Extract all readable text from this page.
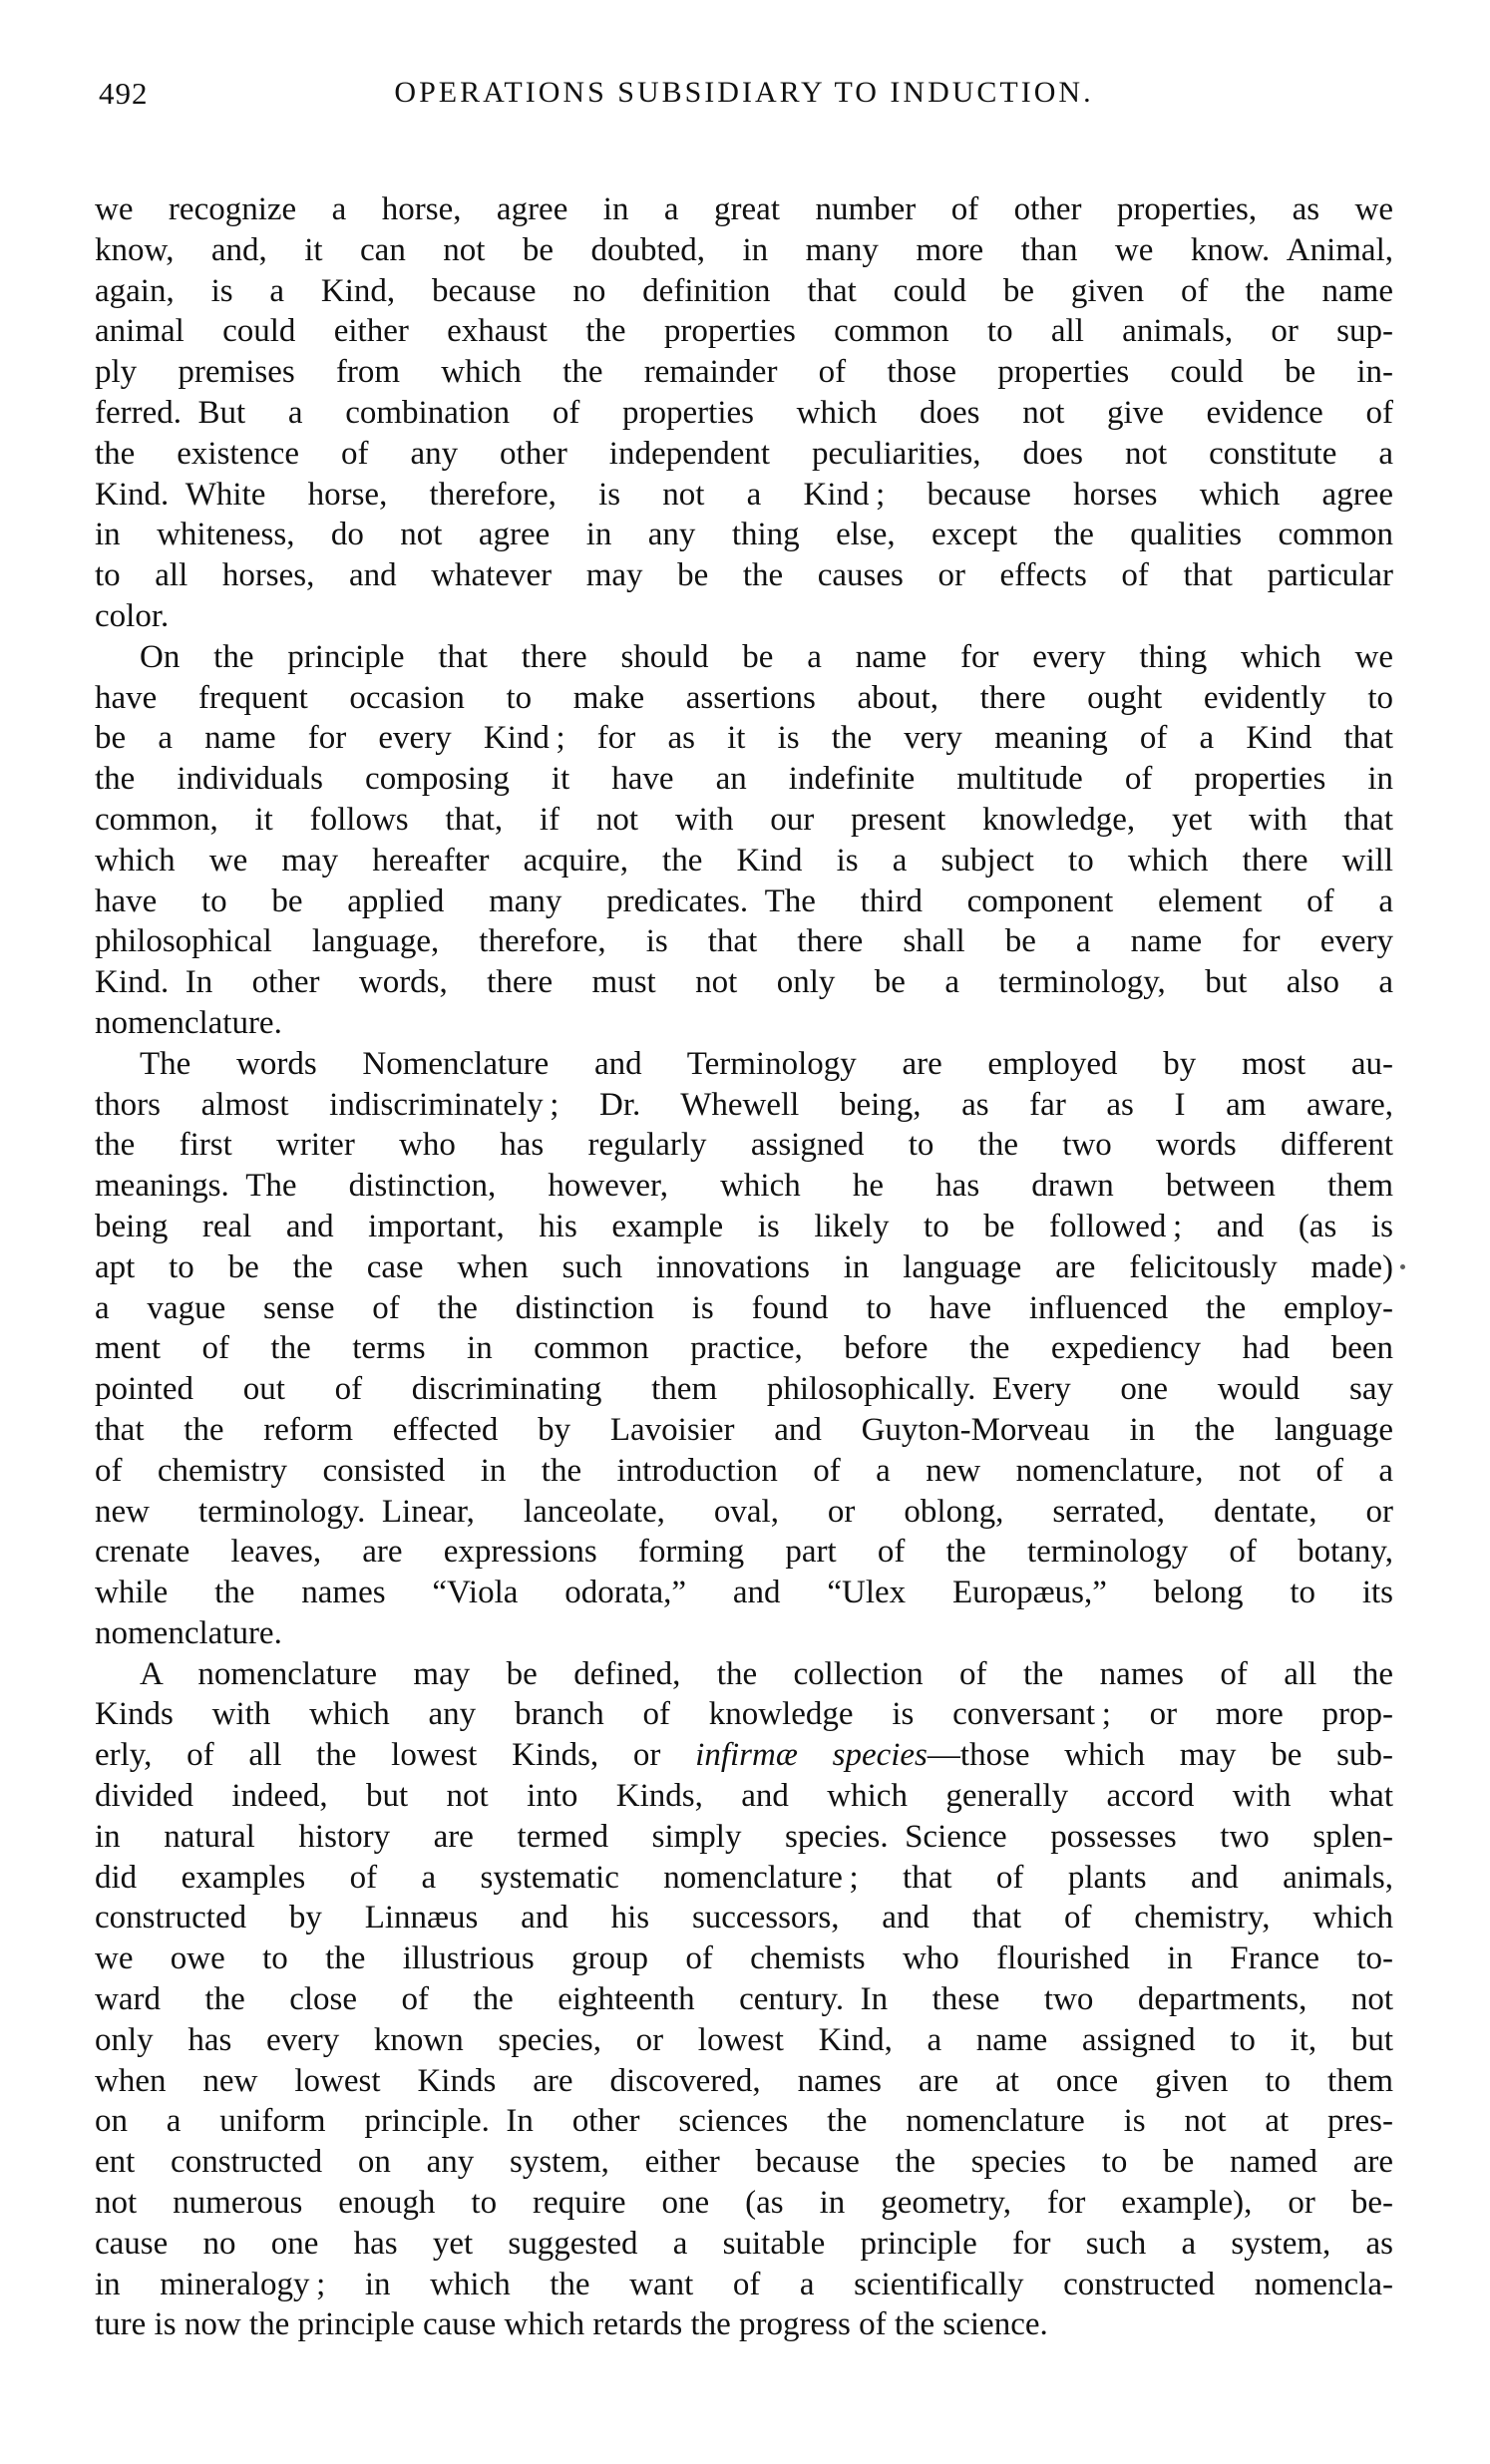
492	OPERATIONS SUBSIDIARY TO INDUCTION.
we recognize a horse, agree in a great number of other properties, as we
know, and, it can not be doubted, in many more than we know. Animal,
again, is a Kind, because no definition that could be given of the name
animal could either exhaust the properties common to all animals, or sup-
ply premises from which the remainder of those properties could be in-
ferred. But a combination of properties which does not give evidence of
the existence of any other independent peculiarities, does not constitute a
Kind. White horse, therefore, is not a Kind ; because horses which agree
in whiteness, do not agree in any thing else, except the qualities common
to all horses, and whatever may be the causes or effects of that particular
color.
On the principle that there should be a name for every thing which we
have frequent occasion to make assertions about, there ought evidently to
be a name for every Kind ; for as it is the very meaning of a Kind that
the individuals composing it have an indefinite multitude of properties in
common, it follows that, if not with our present knowledge, yet with that
which we may hereafter acquire, the Kind is a subject to which there will
have to be applied many predicates. The third component element of a
philosophical language, therefore, is that there shall be a name for every
Kind. In other words, there must not only be a terminology, but also a
nomenclature.
The words Nomenclature and Terminology are employed by most au-
thors almost indiscriminately ; Dr. Whewell being, as far as I am aware,
the first writer who has regularly assigned to the two words different
meanings. The distinction, however, which he has drawn between them
being real and important, his example is likely to be followed ; and (as is
apt to be the case when such innovations in language are felicitously made)
a vague sense of the distinction is found to have influenced the employ-
ment of the terms in common practice, before the expediency had been
pointed out of discriminating them philosophically. Every one would say
that the reform effected by Lavoisier and Guyton-Morveau in the language
of chemistry consisted in the introduction of a new nomenclature, not of a
new terminology. Linear, lanceolate, oval, or oblong, serrated, dentate, or
crenate leaves, are expressions forming part of the terminology of botany,
while the names “Viola odorata,” and “Ulex Europæus,” belong to its
nomenclature.
A nomenclature may be defined, the collection of the names of all the
Kinds with which any branch of knowledge is conversant ; or more prop-
erly, of all the lowest Kinds, or infirmæ species—those which may be sub-
divided indeed, but not into Kinds, and which generally accord with what
in natural history are termed simply species. Science possesses two splen-
did examples of a systematic nomenclature ; that of plants and animals,
constructed by Linnæus and his successors, and that of chemistry, which
we owe to the illustrious group of chemists who flourished in France to-
ward the close of the eighteenth century. In these two departments, not
only has every known species, or lowest Kind, a name assigned to it, but
when new lowest Kinds are discovered, names are at once given to them
on a uniform principle. In other sciences the nomenclature is not at pres-
ent constructed on any system, either because the species to be named are
not numerous enough to require one (as in geometry, for example), or be-
cause no one has yet suggested a suitable principle for such a system, as
in mineralogy ; in which the want of a scientifically constructed nomencla-
ture is now the principle cause which retards the progress of the science.
